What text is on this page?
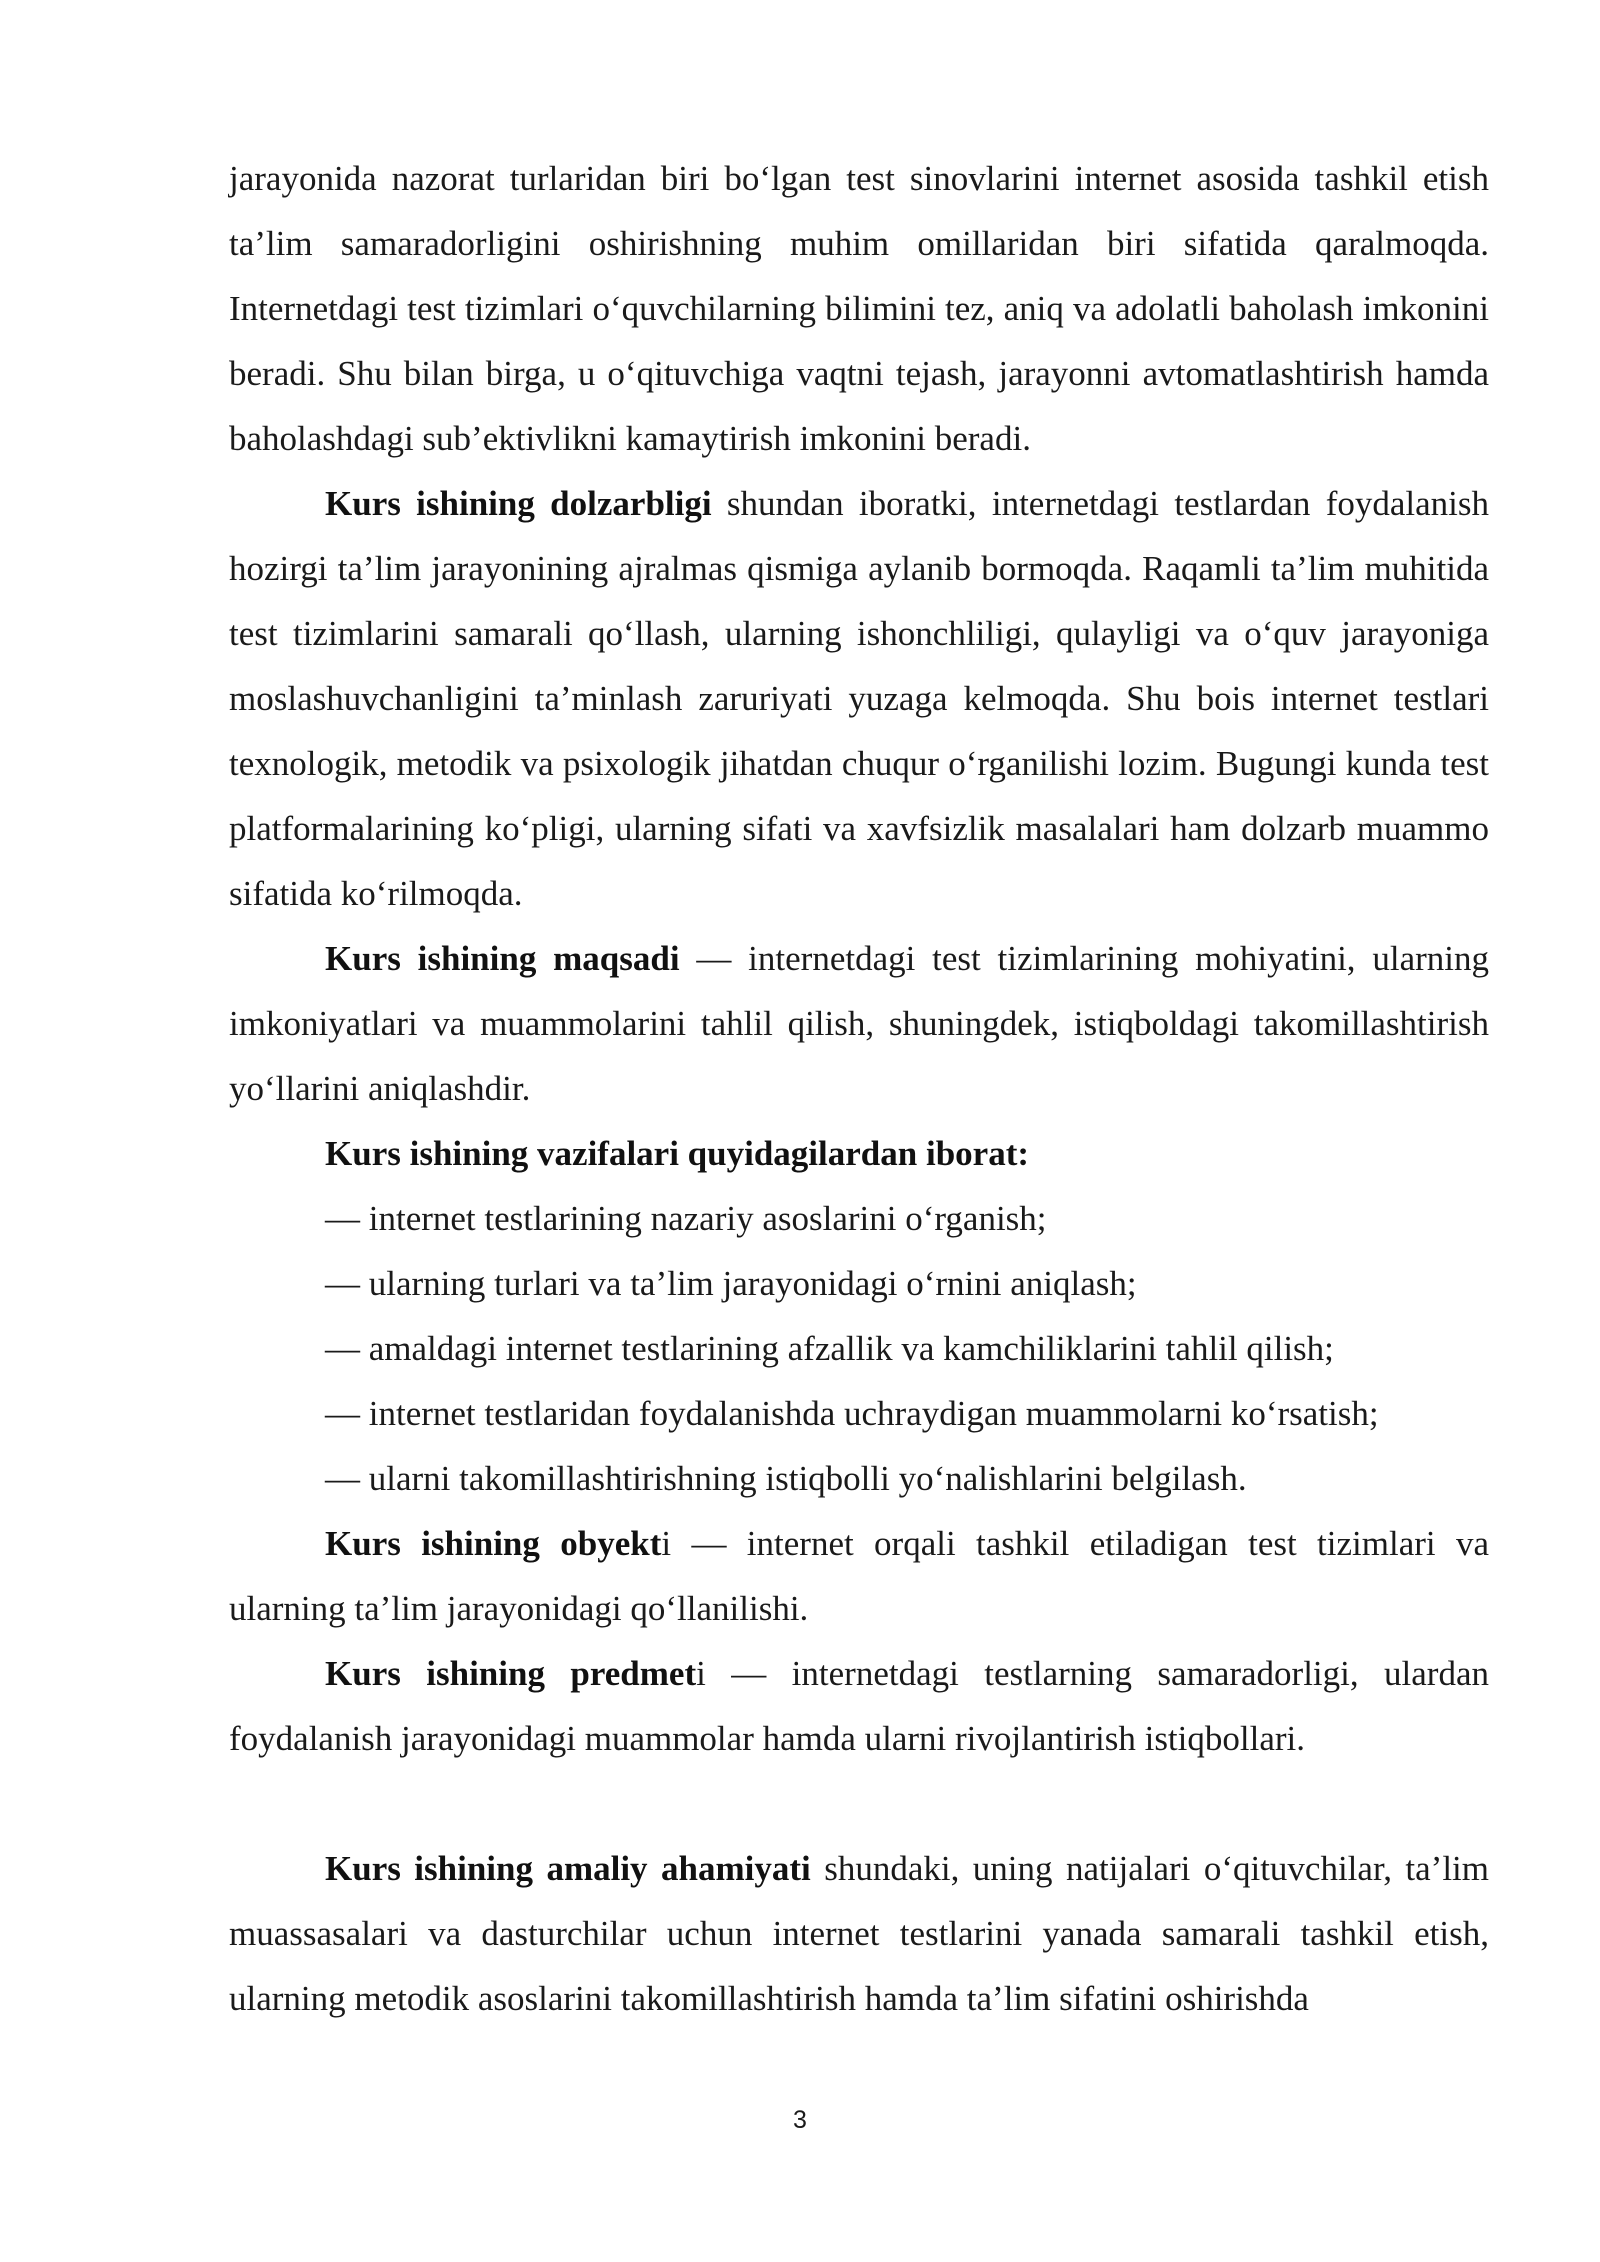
jarayonida nazorat turlaridan biri bo‘lgan test sinovlarini internet asosida tashkil etish ta’lim samaradorligini oshirishning muhim omillaridan biri sifatida qaralmoqda. Internetdagi test tizimlari o‘quvchilarning bilimini tez, aniq va adolatli baholash imkonini beradi. Shu bilan birga, u o‘qituvchiga vaqtni tejash, jarayonni avtomatlashtirish hamda baholashdagi sub’ektivlikni kamaytirish imkonini beradi.

Kurs ishining dolzarbligi shundan iboratki, internetdagi testlardan foydalanish hozirgi ta’lim jarayonining ajralmas qismiga aylanib bormoqda. Raqamli ta’lim muhitida test tizimlarini samarali qo‘llash, ularning ishonchliligi, qulayligi va o‘quv jarayoniga moslashuvchanligini ta’minlash zaruriyati yuzaga kelmoqda. Shu bois internet testlari texnologik, metodik va psixologik jihatdan chuqur o‘rganilishi lozim. Bugungi kunda test platformalarining ko‘pligi, ularning sifati va xavfsizlik masalalari ham dolzarb muammo sifatida ko‘rilmoqda.

Kurs ishining maqsadi — internetdagi test tizimlarining mohiyatini, ularning imkoniyatlari va muammolarini tahlil qilish, shuningdek, istiqboldagi takomillashtirish yo‘llarini aniqlashdir.

Kurs ishining vazifalari quyidagilardan iborat:

— internet testlarining nazariy asoslarini o‘rganish;

— ularning turlari va ta’lim jarayonidagi o‘rnini aniqlash;

— amaldagi internet testlarining afzallik va kamchiliklarini tahlil qilish;

— internet testlaridan foydalanishda uchraydigan muammolarni ko‘rsatish;

— ularni takomillashtirishning istiqbolli yo‘nalishlarini belgilash.

Kurs ishining obyekti — internet orqali tashkil etiladigan test tizimlari va ularning ta’lim jarayonidagi qo‘llanilishi.

Kurs ishining predmeti — internetdagi testlarning samaradorligi, ulardan foydalanish jarayonidagi muammolar hamda ularni rivojlantirish istiqbollari.

Kurs ishining amaliy ahamiyati shundaki, uning natijalari o‘qituvchilar, ta’lim muassasalari va dasturchilar uchun internet testlarini yanada samarali tashkil etish, ularning metodik asoslarini takomillashtirish hamda ta’lim sifatini oshirishda

3
